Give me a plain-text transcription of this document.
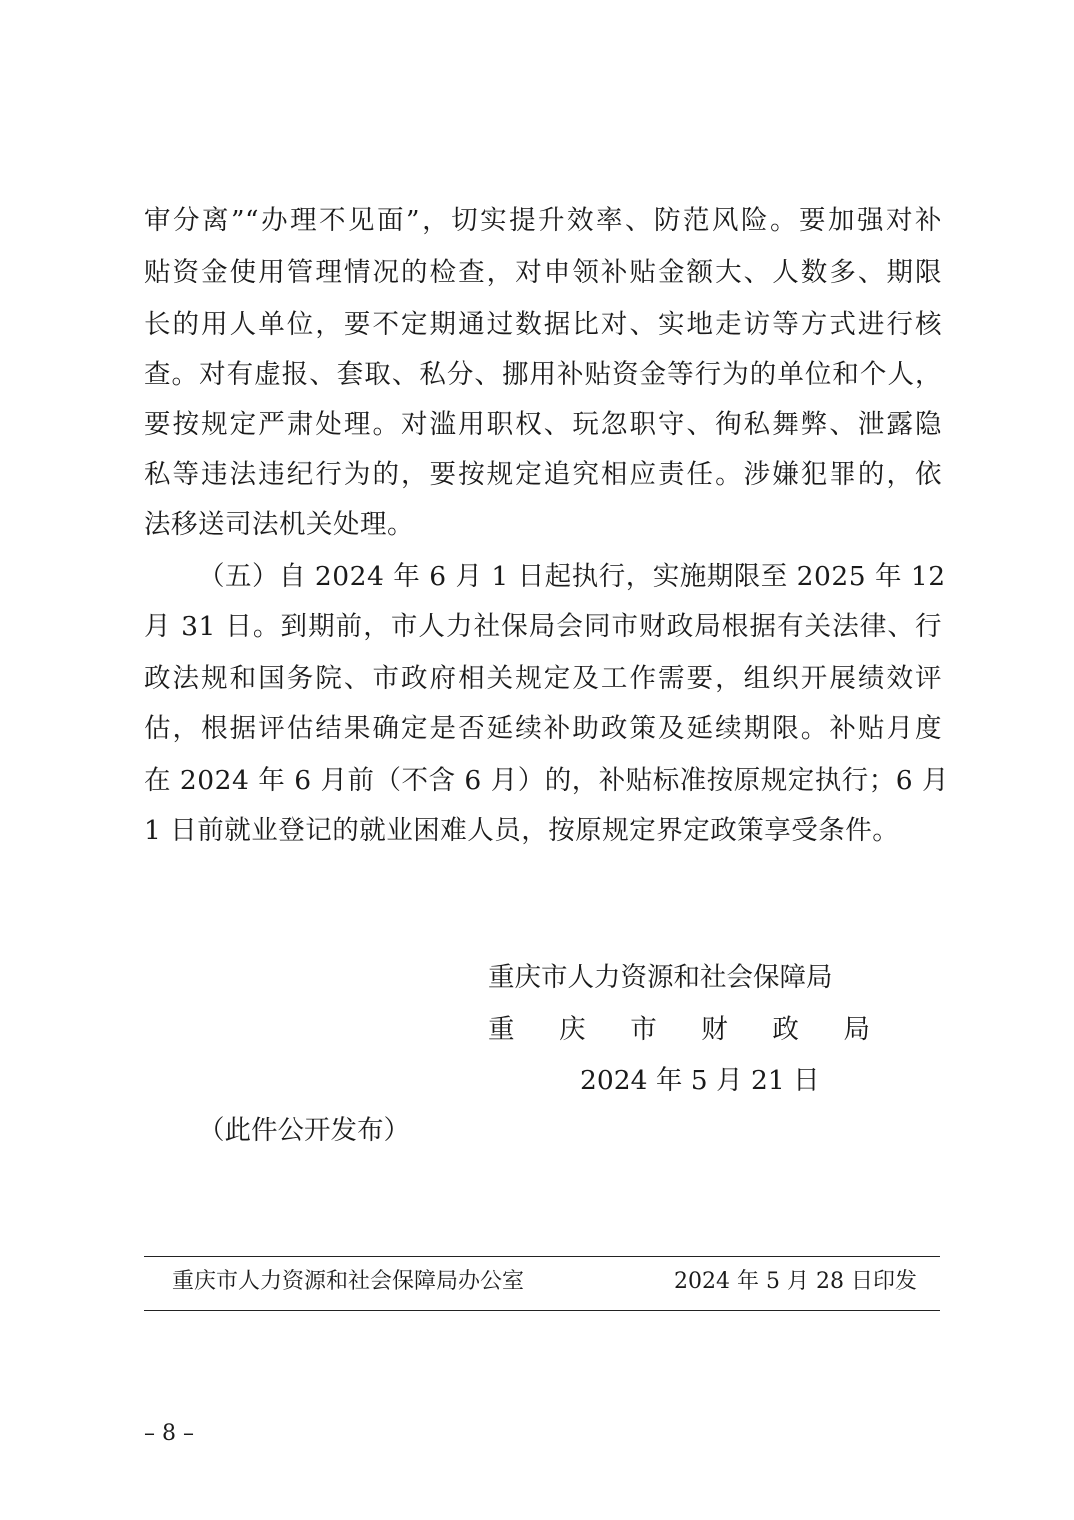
审分离”“办理不见面”，切实提升效率、防范风险。要加强对补
贴资金使用管理情况的检查，对申领补贴金额大、人数多、期限
长的用人单位，要不定期通过数据比对、实地走访等方式进行核
查。对有虚报、套取、私分、挪用补贴资金等行为的单位和个人，
要按规定严肃处理。对滥用职权、玩忽职守、徇私舞弊、泄露隐
私等违法违纪行为的，要按规定追究相应责任。涉嫌犯罪的，依
法移送司法机关处理。
（五）自 2024 年 6 月 1 日起执行，实施期限至 2025 年 12
月 31 日。到期前，市人力社保局会同市财政局根据有关法律、行
政法规和国务院、市政府相关规定及工作需要，组织开展绩效评
估，根据评估结果确定是否延续补助政策及延续期限。补贴月度
在 2024 年 6 月前（不含 6 月）的，补贴标准按原规定执行；6 月
1 日前就业登记的就业困难人员，按原规定界定政策享受条件。
重庆市人力资源和社会保障局
重 庆 市 财 政 局
2024 年 5 月 21 日
（此件公开发布）
重庆市人力资源和社会保障局办公室	2024 年 5 月 28 日印发
– 8 –
